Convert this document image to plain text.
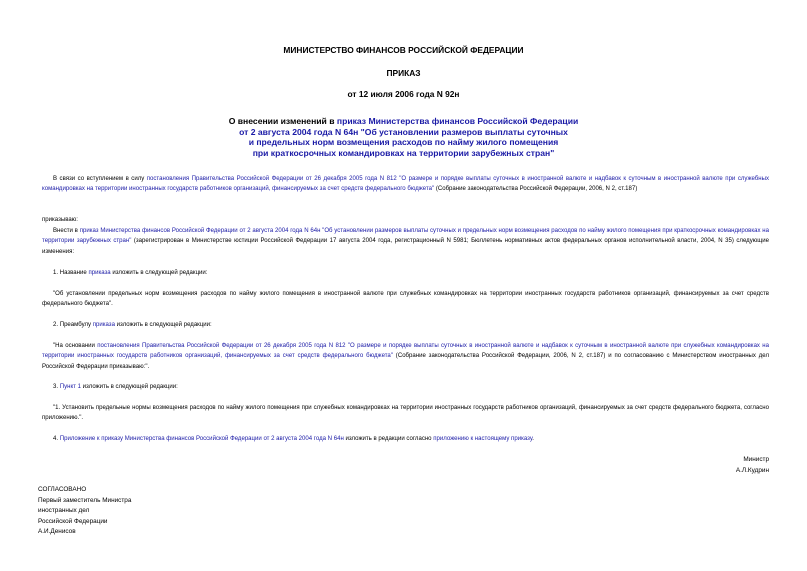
МИНИСТЕРСТВО ФИНАНСОВ РОССИЙСКОЙ ФЕДЕРАЦИИ
ПРИКАЗ
от 12 июля 2006 года N 92н
О внесении изменений в приказ Министерства финансов Российской Федерации
от 2 августа 2004 года N 64н "Об установлении размеров выплаты суточных
и предельных норм возмещения расходов по найму жилого помещения
при краткосрочных командировках на территории зарубежных стран"
В связи со вступлением в силу постановления Правительства Российской Федерации от 26 декабря 2005 года N 812 "О размере и порядке выплаты суточных в иностранной валюте и надбавок к суточным в иностранной валюте при служебных командировках на территории иностранных государств работников организаций, финансируемых за счет средств федерального бюджета" (Собрание законодательства Российской Федерации, 2006, N 2, ст.187)
приказываю:
Внести в приказ Министерства финансов Российской Федерации от 2 августа 2004 года N 64н "Об установлении размеров выплаты суточных и предельных норм возмещения расходов по найму жилого помещения при краткосрочных командировках на территории зарубежных стран" (зарегистрирован в Министерстве юстиции Российской Федерации 17 августа 2004 года, регистрационный N 5981; Бюллетень нормативных актов федеральных органов исполнительной власти, 2004, N 35) следующие изменения:
1. Название приказа изложить в следующей редакции:
"Об установлении предельных норм возмещения расходов по найму жилого помещения в иностранной валюте при служебных командировках на территории иностранных государств работников организаций, финансируемых за счет средств федерального бюджета".
2. Преамбулу приказа изложить в следующей редакции:
"На основании постановления Правительства Российской Федерации от 26 декабря 2005 года N 812 "О размере и порядке выплаты суточных в иностранной валюте и надбавок к суточным в иностранной валюте при служебных командировках на территории иностранных государств работников организаций, финансируемых за счет средств федерального бюджета" (Собрание законодательства Российской Федерации, 2006, N 2, ст.187) и по согласованию с Министерством иностранных дел Российской Федерации приказываю:".
3. Пункт 1 изложить в следующей редакции:
"1. Установить предельные нормы возмещения расходов по найму жилого помещения при служебных командировках на территории иностранных государств работников организаций, финансируемых за счет средств федерального бюджета, согласно приложению.".
4. Приложение к приказу Министерства финансов Российской Федерации от 2 августа 2004 года N 64н изложить в редакции согласно приложению к настоящему приказу.
Министр
А.Л.Кудрин
СОГЛАСОВАНО
Первый заместитель Министра
иностранных дел
Российской Федерации
А.И.Денисов
